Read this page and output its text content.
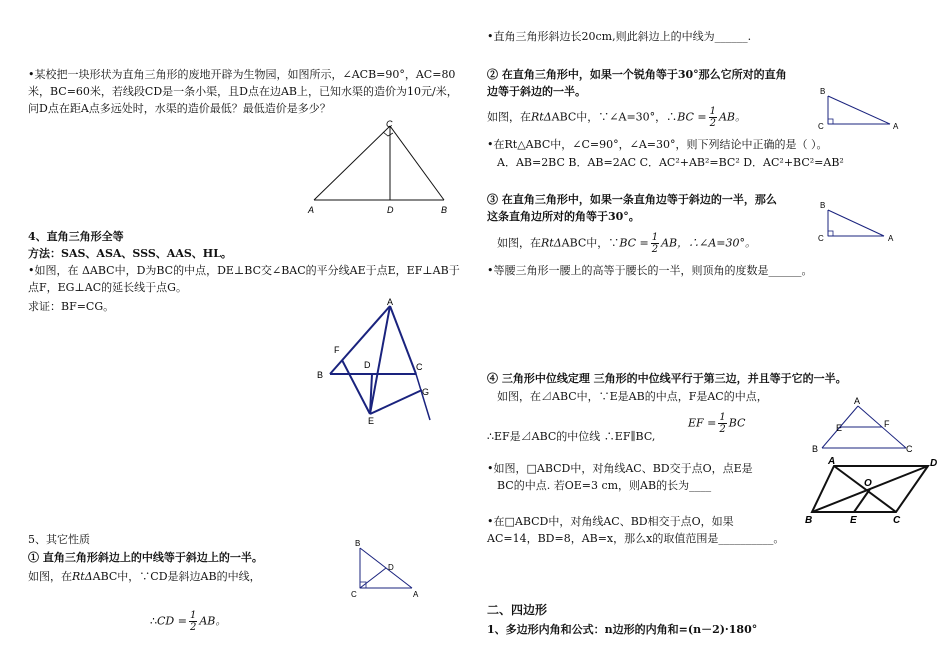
•某校把一块形状为直角三角形的废地开辟为生物园，如图所示，∠ACB=90°，AC=80米，BC=60米，若线段CD是一条小渠，且D点在边AB上，已知水渠的造价为10元/米，问D点在距A点多远处时，水渠的造价最低？最低造价是多少？
C
A	D	B
4、直角三角形全等
方法：SAS、ASA、SSS、AAS、HL。
•如图，在 ΔABC中，D为BC的中点，DE⊥BC交∠BAC的平分线AE于点E，EF⊥AB于点F，EG⊥AC的延长线于点G。
求证：BF=CG。	A
F
D	C
B
G
E
5、其它性质
① 直角三角形斜边上的中线等于斜边上的一半。
如图，在RtΔABC中，∵CD是斜边AB的中线，
∴CD = $\frac{1}{2}$ AB。
B
D
C	A
•直角三角形斜边长20cm,则此斜边上的中线为______.
② 在直角三角形中，如果一个锐角等于30°那么它所对的直角
边等于斜边的一半。
如图，在RtΔABC中，∵∠A=30°，∴BC = $\frac{1}{2}$ AB。
B
C	A
•在Rt△ABC中，∠C=90°，∠A=30°，则下列结论中正确的是（ ）。
A．AB=2BC B．AB=2AC C．AC²+AB²=BC² D．AC²+BC²=AB²
③ 在直角三角形中，如果一条直角边等于斜边的一半，那么
这条直角边所对的角等于30°。
如图，在RtΔABC中，∵BC = $\frac{1}{2}$ AB，∴∠A=30°。
B
C	A
•等腰三角形一腰上的高等于腰长的一半，则顶角的度数是______。
④ 三角形中位线定理 三角形的中位线平行于第三边，并且等于它的一半。
如图，在⊿ABC中，∵E是AB的中点，F是AC的中点，
EF = $\frac{1}{2}$ BC
∴EF是⊿ABC的中位线 ∴EF∥BC,
A
E	F
B	C
•如图，□ABCD中，对角线AC、BD交于点O，点E是
BC的中点. 若OE=3 cm，则AB的长为____
A	D
O
B	E	C
•在□ABCD中，对角线AC、BD相交于点O，如果
AC=14，BD=8，AB=x，那么x的取值范围是__________。
二、四边形
1、多边形内角和公式：n边形的内角和=(n－2)·180°
